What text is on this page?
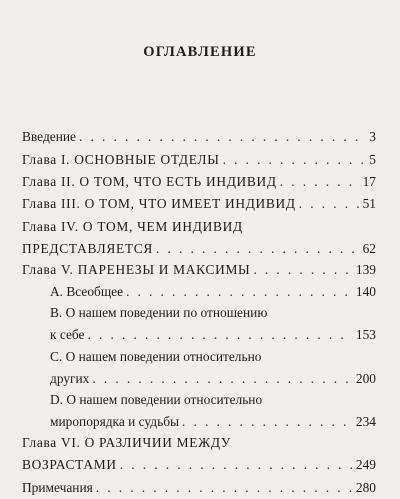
ОГЛАВЛЕНИЕ
Введение . . .	3
Глава I. ОСНОВНЫЕ ОТДЕЛЫ . . .	5
Глава II. О ТОМ, ЧТО ЕСТЬ ИНДИВИД . . .	17
Глава III. О ТОМ, ЧТО ИМЕЕТ ИНДИВИД . . .	51
Глава IV. О ТОМ, ЧЕМ ИНДИВИД
ПРЕДСТАВЛЯЕТСЯ . . .	62
Глава V. ПАРЕНЕЗЫ И МАКСИМЫ . . .	139
A. Всеобщее . . .	140
B. О нашем поведении по отношению
к себе . . .	153
C. О нашем поведении относительно
других . . .	200
D. О нашем поведении относительно
миропорядка и судьбы . . .	234
Глава VI. О РАЗЛИЧИИ МЕЖДУ
ВОЗРАСТАМИ . . .	249
Примечания . . .	280
